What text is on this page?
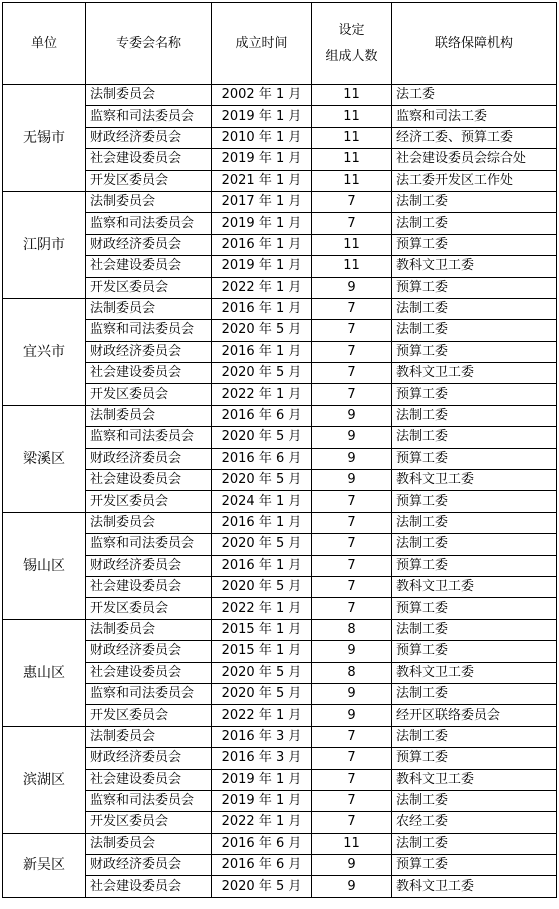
单位	专委会名称	成立时间	设定
组成人数	联络保障机构
无锡市	法制委员会	2002 年 1 月	11	法工委
	监察和司法委员会	2019 年 1 月	11	监察和司法工委
	财政经济委员会	2010 年 1 月	11	经济工委、预算工委
	社会建设委员会	2019 年 1 月	11	社会建设委员会综合处
	开发区委员会	2021 年 1 月	11	法工委开发区工作处
江阴市	法制委员会	2017 年 1 月	7	法制工委
	监察和司法委员会	2019 年 1 月	7	法制工委
	财政经济委员会	2016 年 1 月	11	预算工委
	社会建设委员会	2019 年 1 月	11	教科文卫工委
	开发区委员会	2022 年 1 月	9	预算工委
宜兴市	法制委员会	2016 年 1 月	7	法制工委
	监察和司法委员会	2020 年 5 月	7	法制工委
	财政经济委员会	2016 年 1 月	7	预算工委
	社会建设委员会	2020 年 5 月	7	教科文卫工委
	开发区委员会	2022 年 1 月	7	预算工委
梁溪区	法制委员会	2016 年 6 月	9	法制工委
	监察和司法委员会	2020 年 5 月	9	法制工委
	财政经济委员会	2016 年 6 月	9	预算工委
	社会建设委员会	2020 年 5 月	9	教科文卫工委
	开发区委员会	2024 年 1 月	7	预算工委
锡山区	法制委员会	2016 年 1 月	7	法制工委
	监察和司法委员会	2020 年 5 月	7	法制工委
	财政经济委员会	2016 年 1 月	7	预算工委
	社会建设委员会	2020 年 5 月	7	教科文卫工委
	开发区委员会	2022 年 1 月	7	预算工委
惠山区	法制委员会	2015 年 1 月	8	法制工委
	财政经济委员会	2015 年 1 月	9	预算工委
	社会建设委员会	2020 年 5 月	8	教科文卫工委
	监察和司法委员会	2020 年 5 月	9	法制工委
	开发区委员会	2022 年 1 月	9	经开区联络委员会
滨湖区	法制委员会	2016 年 3 月	7	法制工委
	财政经济委员会	2016 年 3 月	7	预算工委
	社会建设委员会	2019 年 1 月	7	教科文卫工委
	监察和司法委员会	2019 年 1 月	7	法制工委
	开发区委员会	2022 年 1 月	7	农经工委
新吴区	法制委员会	2016 年 6 月	11	法制工委
	财政经济委员会	2016 年 6 月	9	预算工委
	社会建设委员会	2020 年 5 月	9	教科文卫工委
